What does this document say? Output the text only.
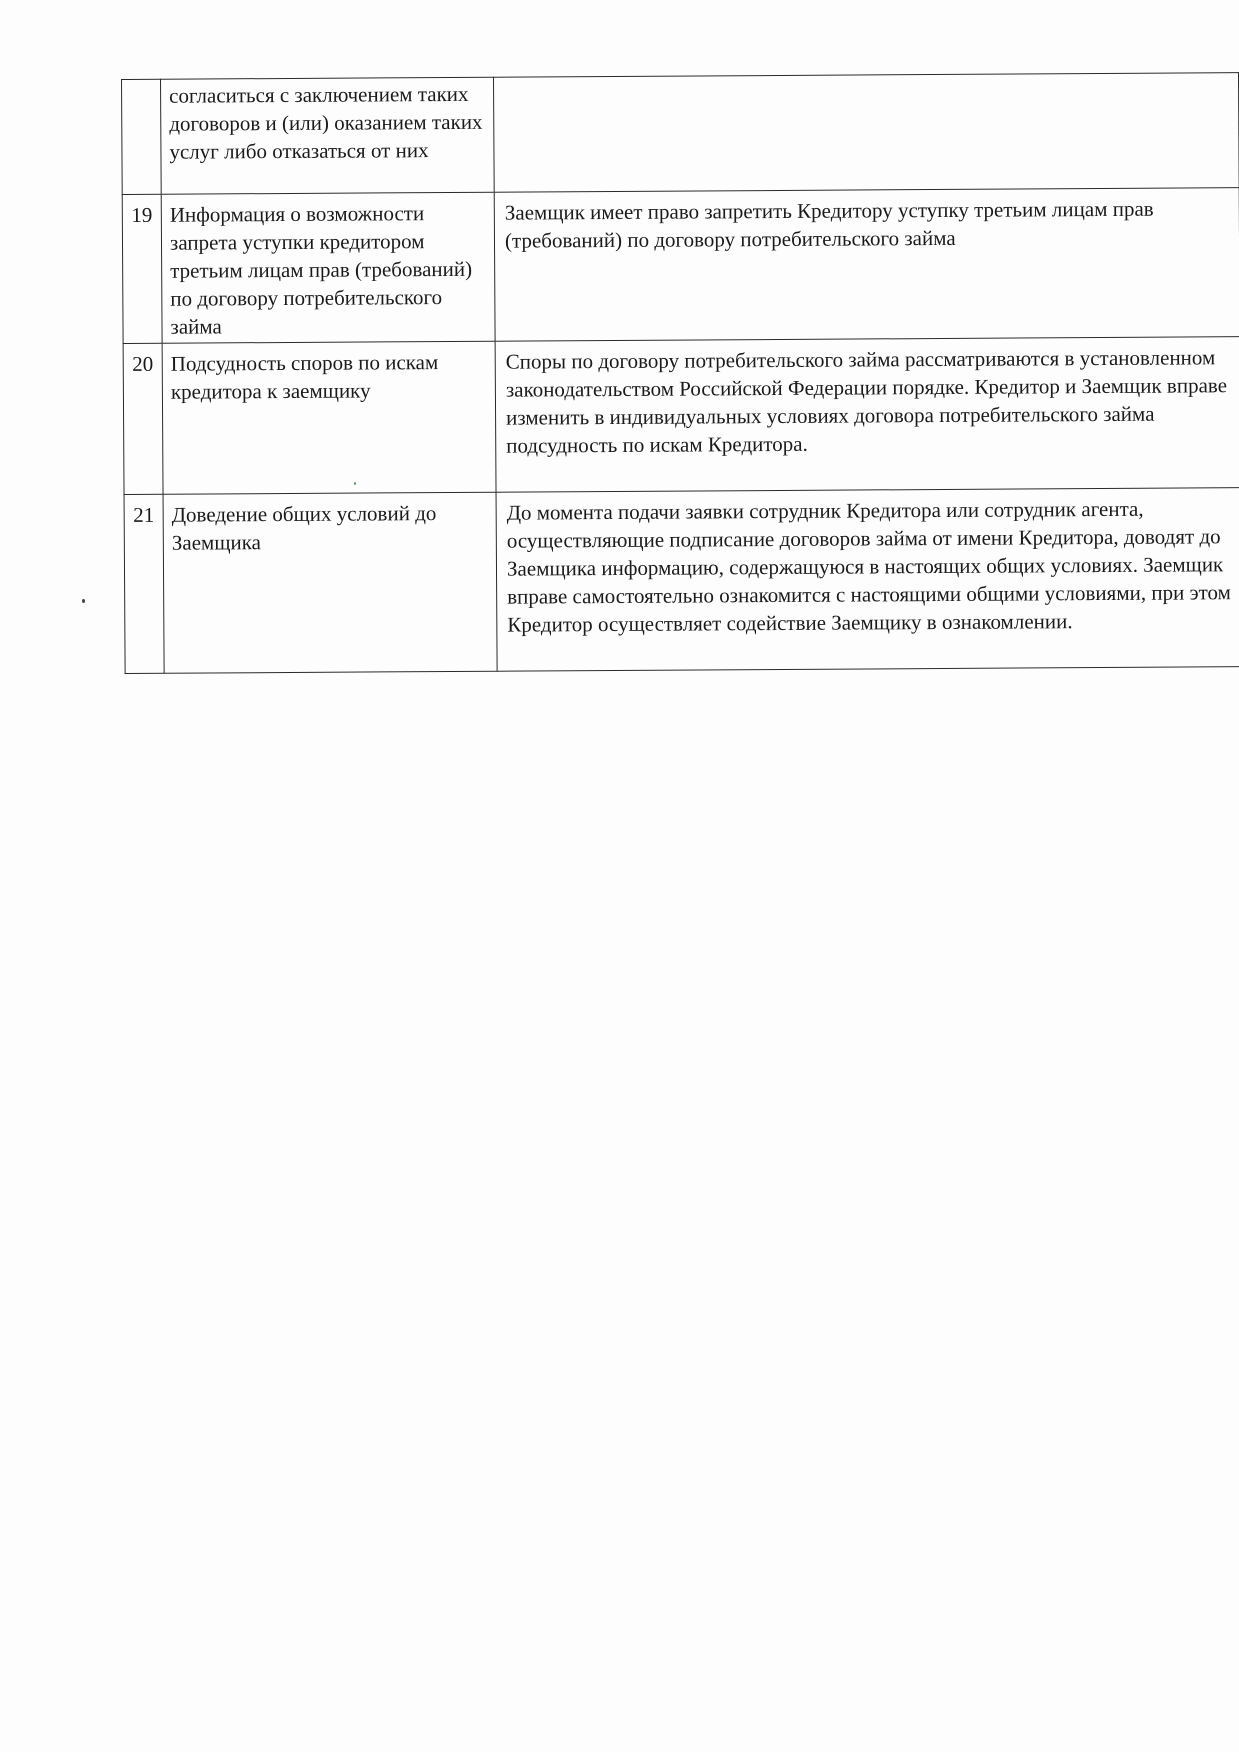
	согласиться с заключением таких договоров и (или) оказанием таких услуг либо отказаться от них	
19	Информация о возможности запрета уступки кредитором третьим лицам прав (требований) по договору потребительского займа	Заемщик имеет право запретить Кредитору уступку третьим лицам прав (требований) по договору потребительского займа
20	Подсудность споров по искам кредитора к заемщику	Споры по договору потребительского займа рассматриваются в установленном законодательством Российской Федерации порядке. Кредитор и Заемщик вправе изменить в индивидуальных условиях договора потребительского займа подсудность по искам Кредитора.
21	Доведение общих условий до Заемщика	До момента подачи заявки сотрудник Кредитора или сотрудник агента, осуществляющие подписание договоров займа от имени Кредитора, доводят до Заемщика информацию, содержащуюся в настоящих общих условиях. Заемщик вправе самостоятельно ознакомится с настоящими общими условиями, при этом Кредитор осуществляет содействие Заемщику в ознакомлении.
